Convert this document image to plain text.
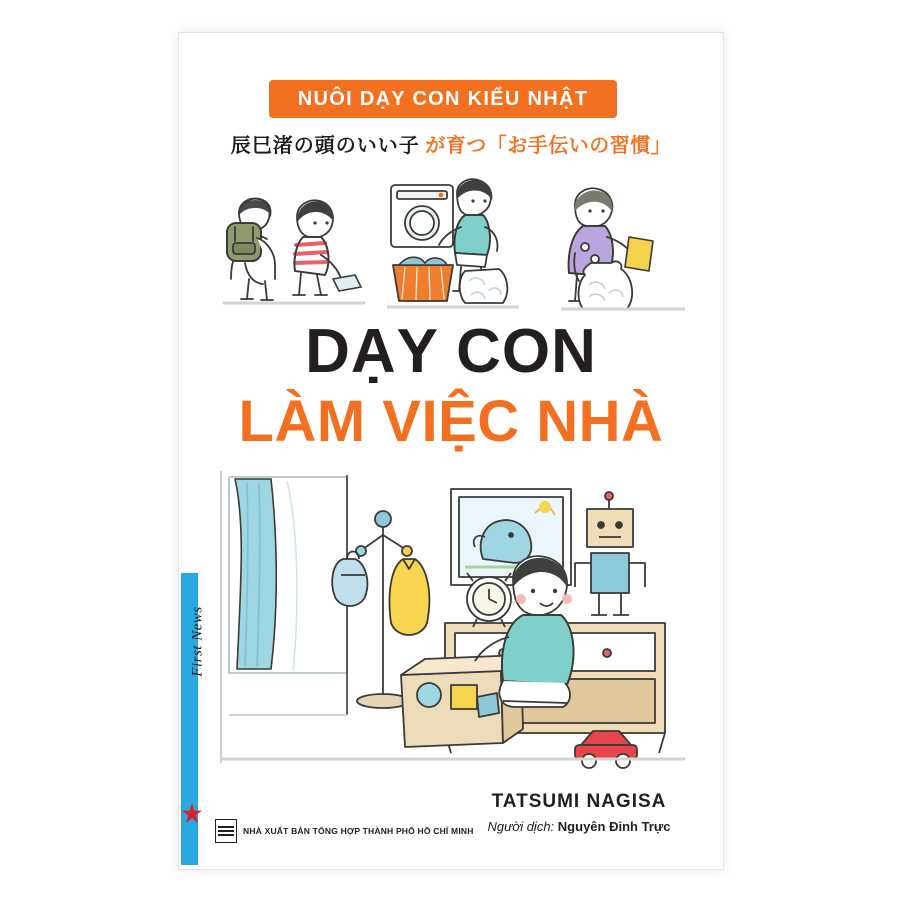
First News
NUÔI DẠY CON KIỂU NHẬT
辰巳渚の頭のいい子 が育つ「お手伝いの習慣」
DẠY CON
LÀM VIỆC NHÀ
TATSUMI NAGISA
Người dịch: Nguyên Đinh Trực
NHÀ XUẤT BẢN TỔNG HỢP THÀNH PHỐ HỒ CHÍ MINH
